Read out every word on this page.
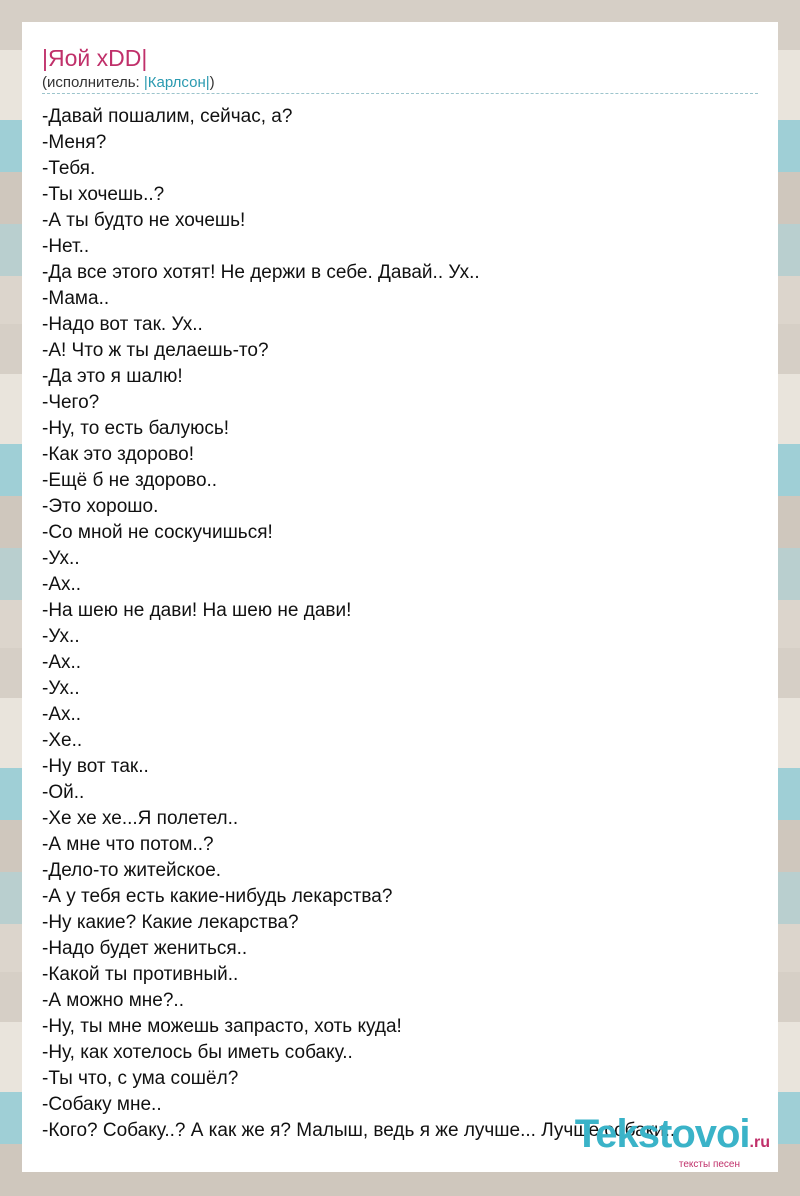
|Яой xDD|
(исполнитель: |Карлсон|)
-Давай пошалим, сейчас, а?
-Меня?
-Тебя.
-Ты хочешь..?
-А ты будто не хочешь!
-Нет..
-Да все этого хотят! Не держи в себе. Давай.. Ух..
-Мама..
-Надо вот так. Ух..
-А! Что ж ты делаешь-то?
-Да это я шалю!
-Чего?
-Ну, то есть балуюсь!
-Как это здорово!
-Ещё б не здорово..
-Это хорошо.
-Со мной не соскучишься!
-Ух..
-Ах..
-На шею не дави! На шею не дави!
-Ух..
-Ах..
-Ух..
-Ах..
-Хе..
-Ну вот так..
-Ой..
-Хе хе хе...Я полетел..
-А мне что потом..?
-Дело-то житейское.
-А у тебя есть какие-нибудь лекарства?
-Ну какие? Какие лекарства?
-Надо будет жениться..
-Какой ты противный..
-А можно мне?..
-Ну, ты мне можешь запрасто, хоть куда!
-Ну, как хотелось бы иметь собаку..
-Ты что, с ума сошёл?
-Собаку мне..
-Кого? Собаку..? А как же я? Малыш, ведь я же лучше... Лучше собаки..
Tekstovoi.ru
тексты песен
